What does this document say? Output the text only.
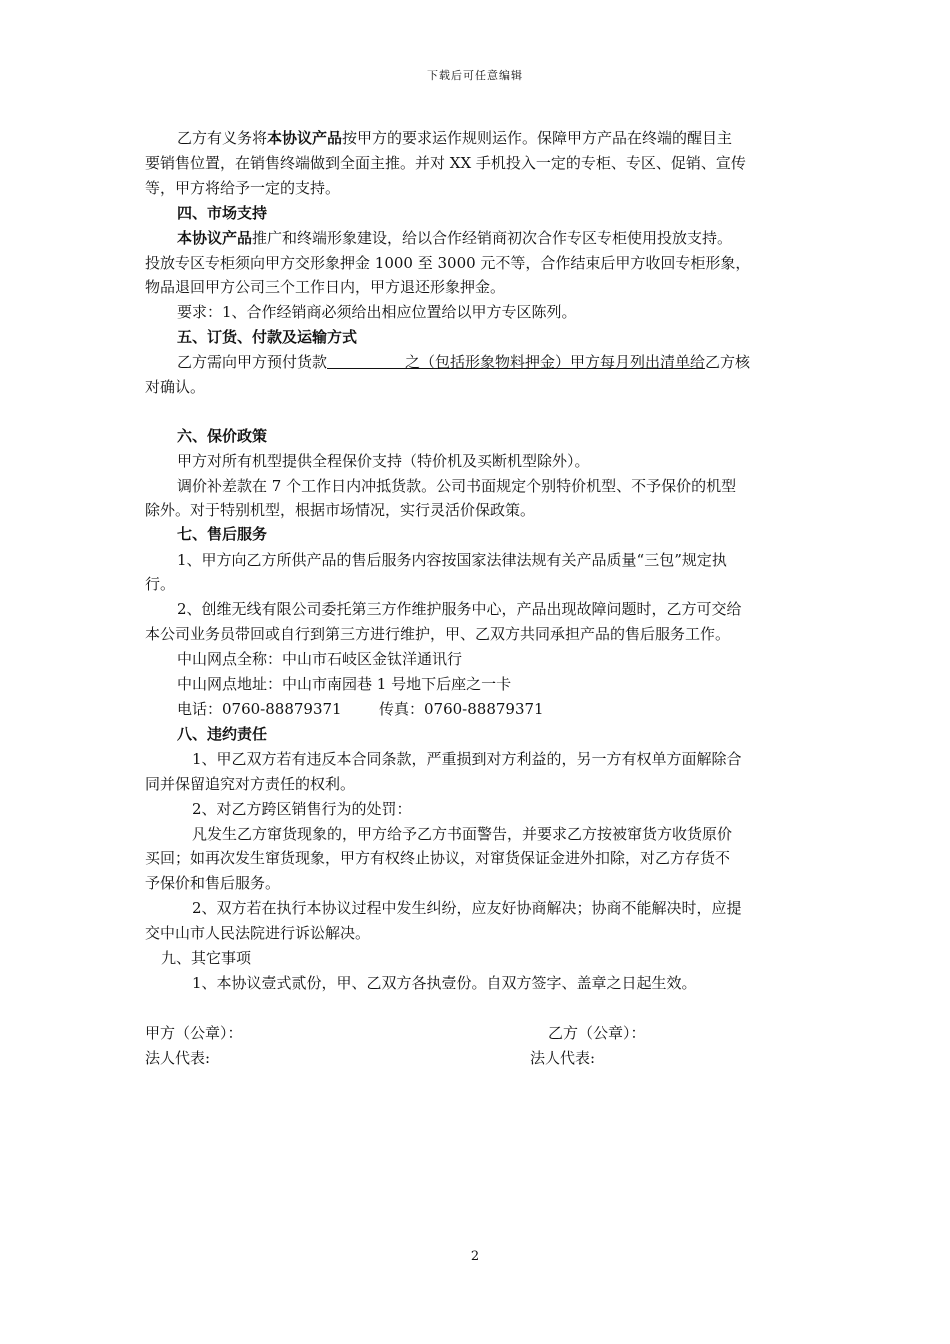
下载后可任意编辑
乙方有义务将本协议产品按甲方的要求运作规则运作。保障甲方产品在终端的醒目主
要销售位置，在销售终端做到全面主推。并对 XX 手机投入一定的专柜、专区、促销、宣传
等，甲方将给予一定的支持。
四、市场支持
本协议产品推广和终端形象建设，给以合作经销商初次合作专区专柜使用投放支持。
投放专区专柜须向甲方交形象押金 1000 至 3000 元不等，合作结束后甲方收回专柜形象，
物品退回甲方公司三个工作日内，甲方退还形象押金。
要求：1、合作经销商必须给出相应位置给以甲方专区陈列。
五、订货、付款及运输方式
乙方需向甲方预付货款	之（包括形象物料押金）甲方每月列出清单给乙方核
对确认。
六、保价政策
甲方对所有机型提供全程保价支持（特价机及买断机型除外）。
调价补差款在 7 个工作日内冲抵货款。公司书面规定个别特价机型、不予保价的机型
除外。对于特别机型，根据市场情况，实行灵活价保政策。
七、售后服务
1、甲方向乙方所供产品的售后服务内容按国家法律法规有关产品质量“三包”规定执
行。
2、创维无线有限公司委托第三方作维护服务中心，产品出现故障问题时，乙方可交给
本公司业务员带回或自行到第三方进行维护，甲、乙双方共同承担产品的售后服务工作。
中山网点全称：中山市石岐区金钛洋通讯行
中山网点地址：中山市南园巷 1 号地下后座之一卡
电话：0760-88879371 传真：0760-88879371
八、违约责任
1、甲乙双方若有违反本合同条款，严重损到对方利益的，另一方有权单方面解除合
同并保留追究对方责任的权利。
2、对乙方跨区销售行为的处罚：
凡发生乙方窜货现象的，甲方给予乙方书面警告，并要求乙方按被窜货方收货原价
买回；如再次发生窜货现象，甲方有权终止协议，对窜货保证金进外扣除，对乙方存货不
予保价和售后服务。
2、双方若在执行本协议过程中发生纠纷，应友好协商解决；协商不能解决时，应提
交中山市人民法院进行诉讼解决。
九、其它事项
1、本协议壹式贰份，甲、乙双方各执壹份。自双方签字、盖章之日起生效。
甲方（公章）：	乙方（公章）：
法人代表:	法人代表:
2
